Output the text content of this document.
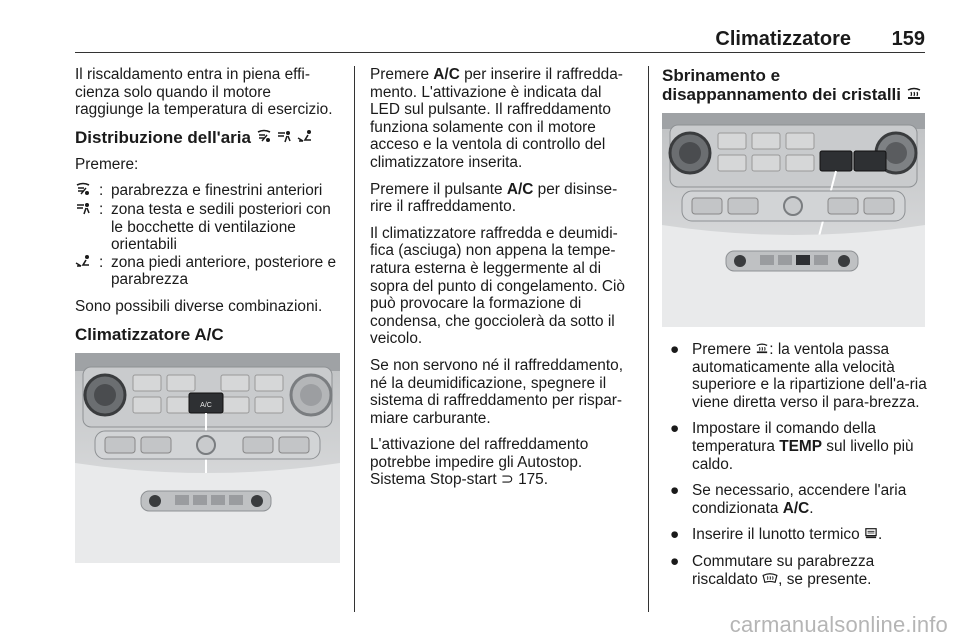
Climatizzatore 159

Il riscaldamento entra in piena effi-cienza solo quando il motore raggiunge la temperatura di esercizio.

Distribuzione dell'aria

Premere:

: parabrezza e finestrini anteriori
: zona testa e sedili posteriori con le bocchette di ventilazione orientabili
: zona piedi anteriore, posteriore e parabrezza

Sono possibili diverse combinazioni.

Climatizzatore A/C
A/C

Premere A/C per inserire il raffredda-mento. L'attivazione è indicata dal LED sul pulsante. Il raffreddamento funziona solamente con il motore acceso e la ventola di controllo del climatizzatore inserita.

Premere il pulsante A/C per disinse-rire il raffreddamento.

Il climatizzatore raffredda e deumidi-fica (asciuga) non appena la tempe-ratura esterna è leggermente al di sopra del punto di congelamento. Ciò può provocare la formazione di condensa, che gocciolerà da sotto il veicolo.

Se non servono né il raffreddamento, né la deumidificazione, spegnere il sistema di raffreddamento per rispar-miare carburante.

L'attivazione del raffreddamento potrebbe impedire gli Autostop. Sistema Stop-start ⊃ 175.

Sbrinamento e disappannamento dei cristalli
● Premere : la ventola passa automaticamente alla velocità superiore e la ripartizione dell'a-ria viene diretta verso il para-brezza.
● Impostare il comando della temperatura TEMP sul livello più caldo.
● Se necessario, accendere l'aria condizionata A/C.
● Inserire il lunotto termico .
● Commutare su parabrezza riscaldato , se presente.
carmanualsonline.info
